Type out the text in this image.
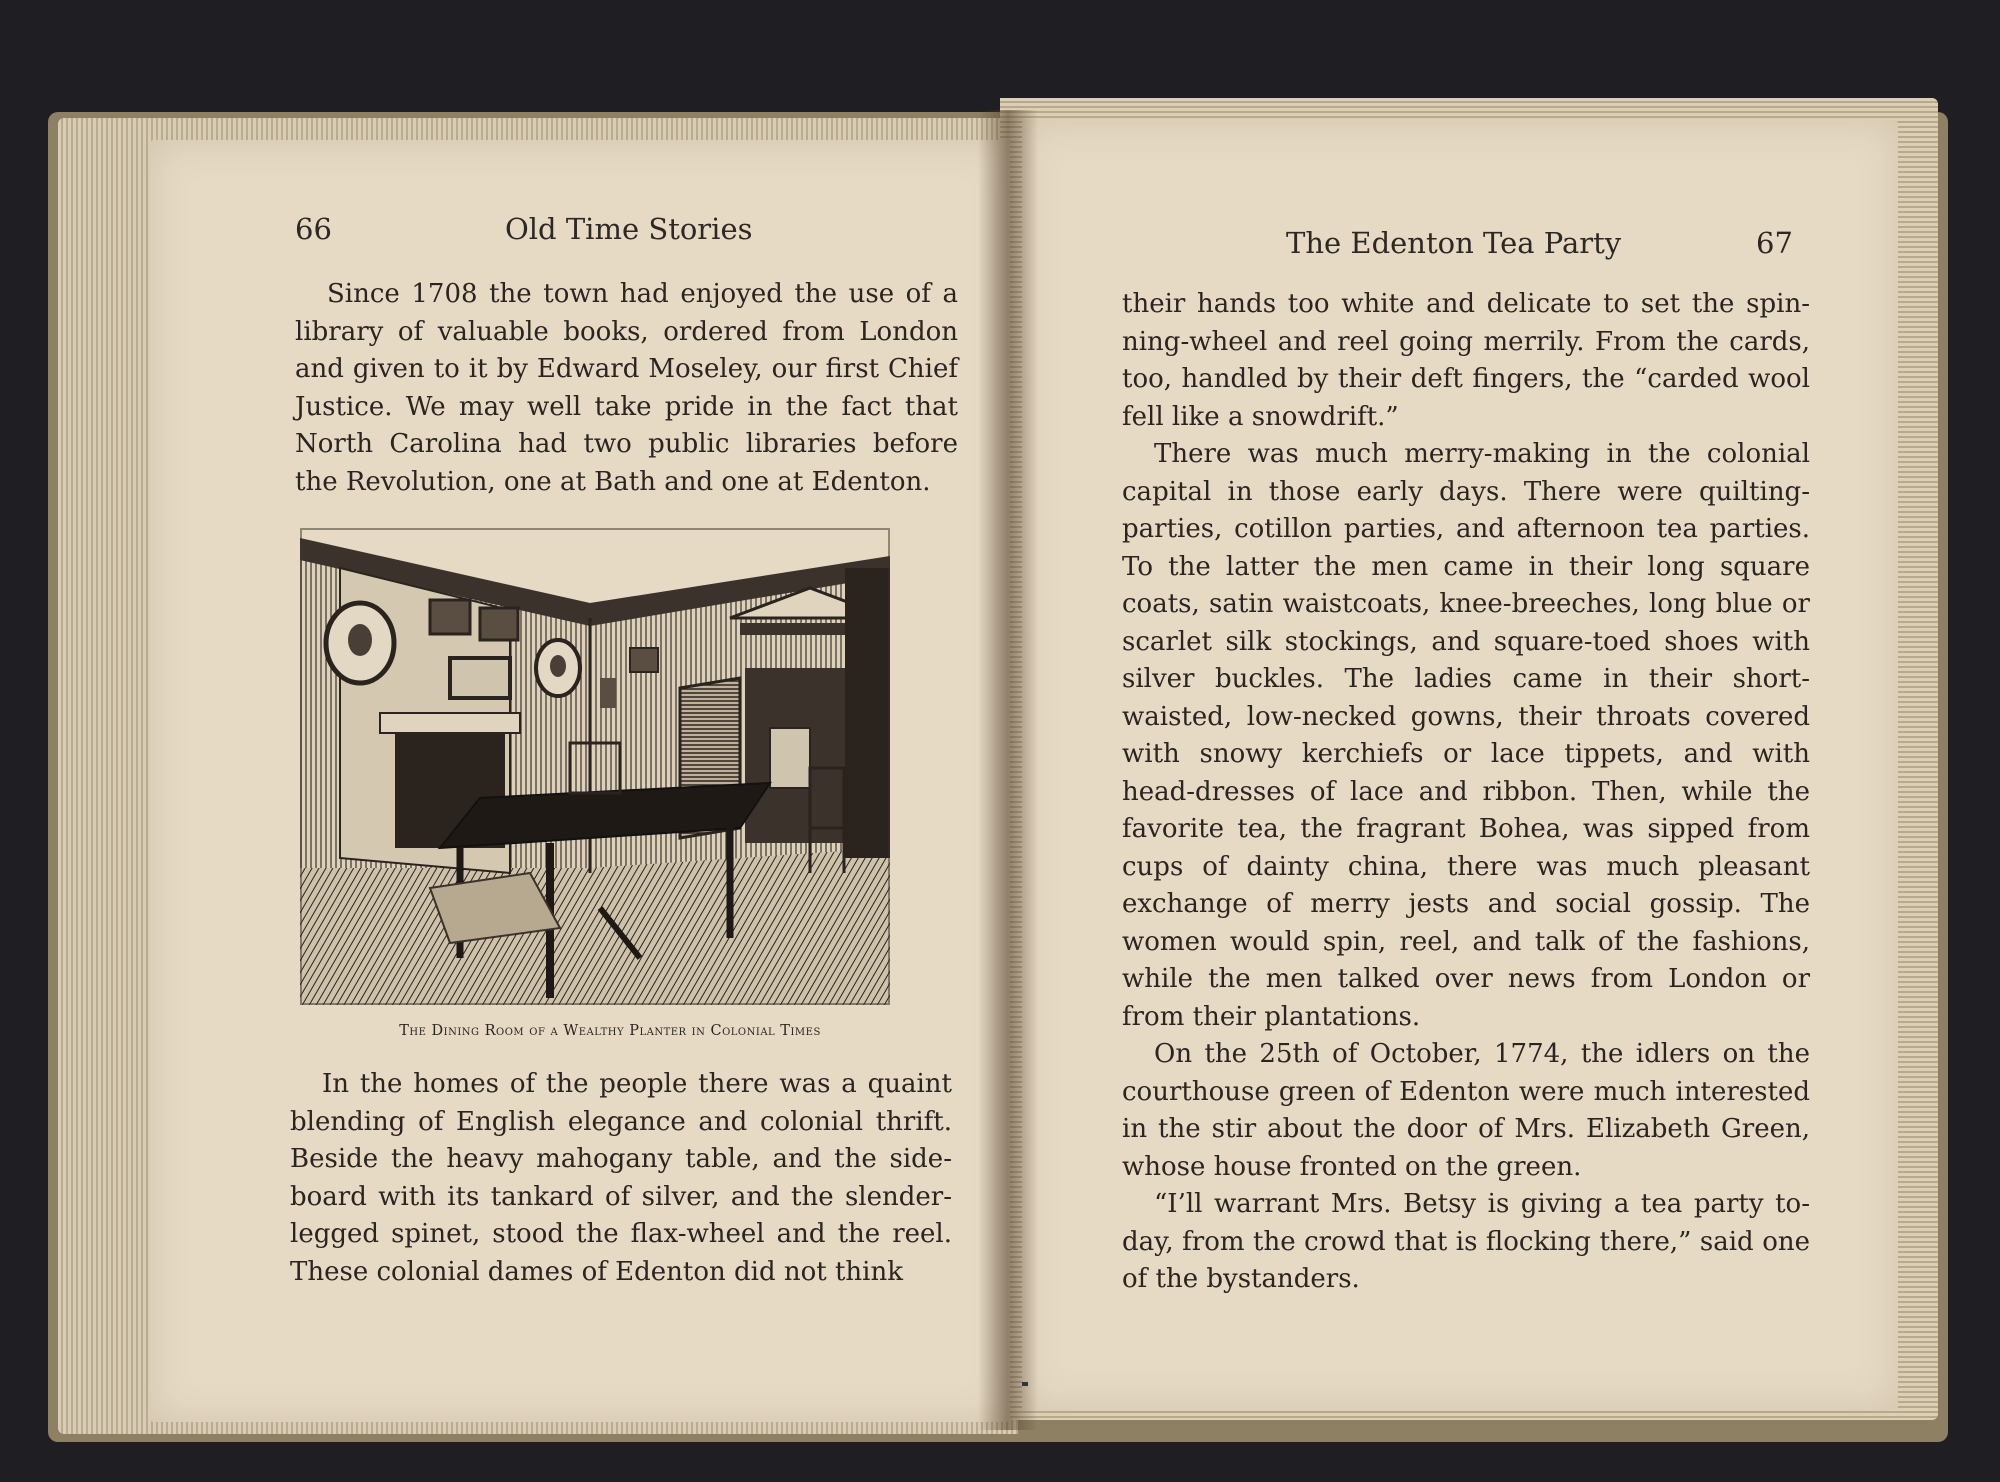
66	Old Time Stories

Since 1708 the town had enjoyed the use of a library of valuable books, ordered from London and given to it by Edward Moseley, our first Chief Justice. We may well take pride in the fact that North Carolina had two public libraries before the Revolution, one at Bath and one at Edenton.

The Dining Room of a Wealthy Planter in Colonial Times

In the homes of the people there was a quaint blending of English elegance and colonial thrift. Beside the heavy mahogany table, and the sideboard with its tankard of silver, and the slenderlegged spinet, stood the flax-wheel and the reel. These colonial dames of Edenton did not think

The Edenton Tea Party	67

their hands too white and delicate to set the spinning-wheel and reel going merrily. From the cards, too, handled by their deft fingers, the “carded wool fell like a snowdrift.”

There was much merry-making in the colonial capital in those early days. There were quilting-parties, cotillon parties, and afternoon tea parties. To the latter the men came in their long square coats, satin waistcoats, knee-breeches, long blue or scarlet silk stockings, and square-toed shoes with silver buckles. The ladies came in their short-waisted, low-necked gowns, their throats covered with snowy kerchiefs or lace tippets, and with head-dresses of lace and ribbon. Then, while the favorite tea, the fragrant Bohea, was sipped from cups of dainty china, there was much pleasant exchange of merry jests and social gossip. The women would spin, reel, and talk of the fashions, while the men talked over news from London or from their plantations.

On the 25th of October, 1774, the idlers on the courthouse green of Edenton were much interested in the stir about the door of Mrs. Elizabeth Green, whose house fronted on the green.

“I’ll warrant Mrs. Betsy is giving a tea party to-day, from the crowd that is flocking there,” said one of the bystanders.
